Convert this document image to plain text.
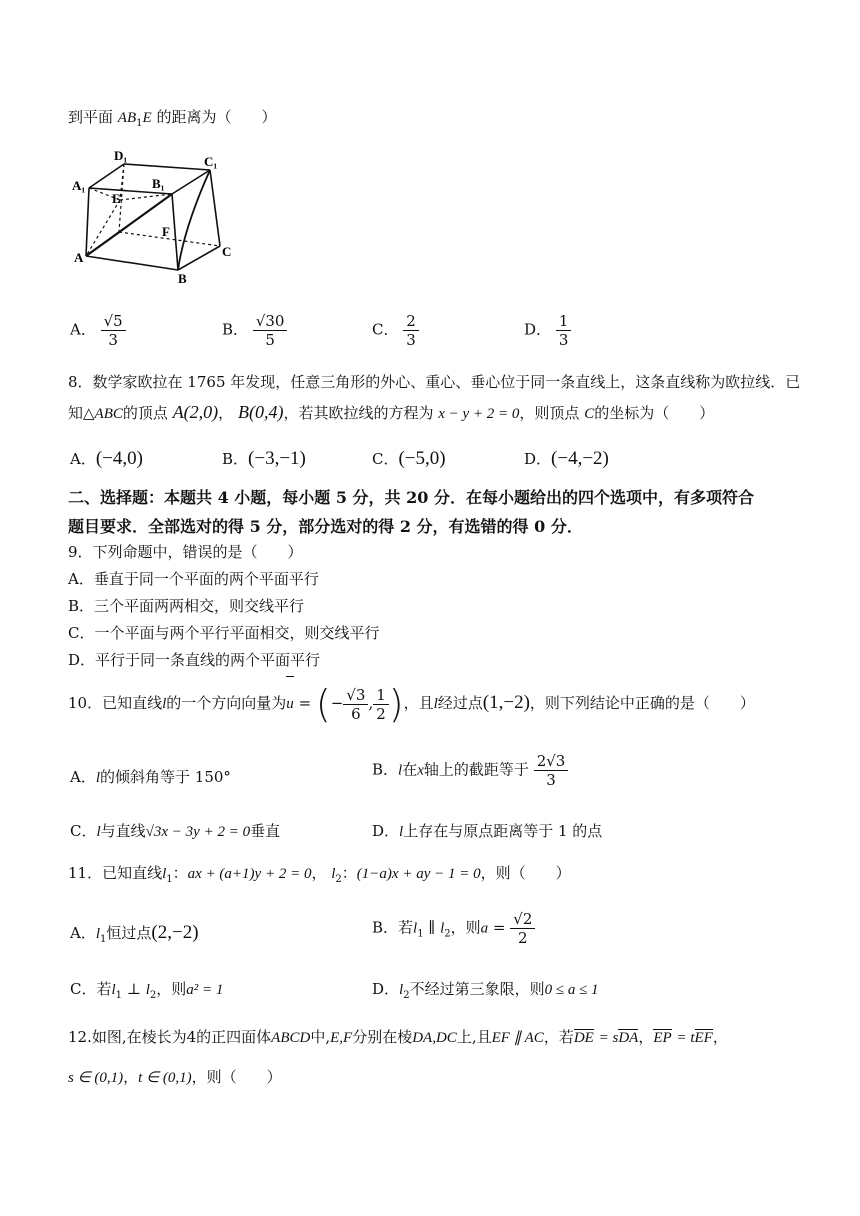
到平面 $AB_1E$ 的距离为（　　）
D₁	C₁
A₁	B₁
E
F
A
B
C
A． $\frac{√5}{3}$	B． $\frac{√30}{5}$	C． $\frac{2}{3}$	D． $\frac{1}{3}$
8．数学家欧拉在 1765 年发现，任意三角形的外心、重心、垂心位于同一条直线上，这条直线称为欧拉线．已
知△ABC的顶点 A(2,0)， B(0,4)，若其欧拉线的方程为 x − y + 2 = 0，则顶点 C的坐标为（　　）
A．(−4,0)	B．(−3,−1)	C．(−5,0)	D．(−4,−2)
二、选择题：本题共 4 小题，每小题 5 分，共 20 分．在每小题给出的四个选项中，有多项符合
题目要求．全部选对的得 5 分，部分选对的得 2 分，有选错的得 0 分．
9．下列命题中，错误的是（　　）
A．垂直于同一个平面的两个平面平行
B．三个平面两两相交，则交线平行
C．一个平面与两个平行平面相交，则交线平行
D．平行于同一条直线的两个平面平行
10．已知直线l的一个方向向量为u = (− $\frac{√3}{6}$ , $\frac{1}{2}$ )，且l经过点(1,−2)，则下列结论中正确的是（　　）
A．l的倾斜角等于 150°	B．l在x轴上的截距等于 $\frac{2√3}{3}$
C．l与直线√3x − 3y + 2 = 0垂直	D．l上存在与原点距离等于 1 的点
11．已知直线$l_1$：ax + (a+1)y + 2 = 0， $l_2$：(1−a)x + ay − 1 = 0，则（　　）
A．$l_1$恒过点(2,−2)	B．若$l_1$ ∥ $l_2$，则$a = \frac{√2}{2}$
C．若$l_1$ ⊥ $l_2$，则a² = 1	D．$l_2$不经过第三象限，则0 ≤ a ≤ 1
12.如图,在棱长为4的正四面体ABCD中,E,F分别在棱DA,DC上,且EF ∥ AC，若DE = sDA，EP = tEF，
s ∈ (0,1)，t ∈ (0,1)，则（　　）
